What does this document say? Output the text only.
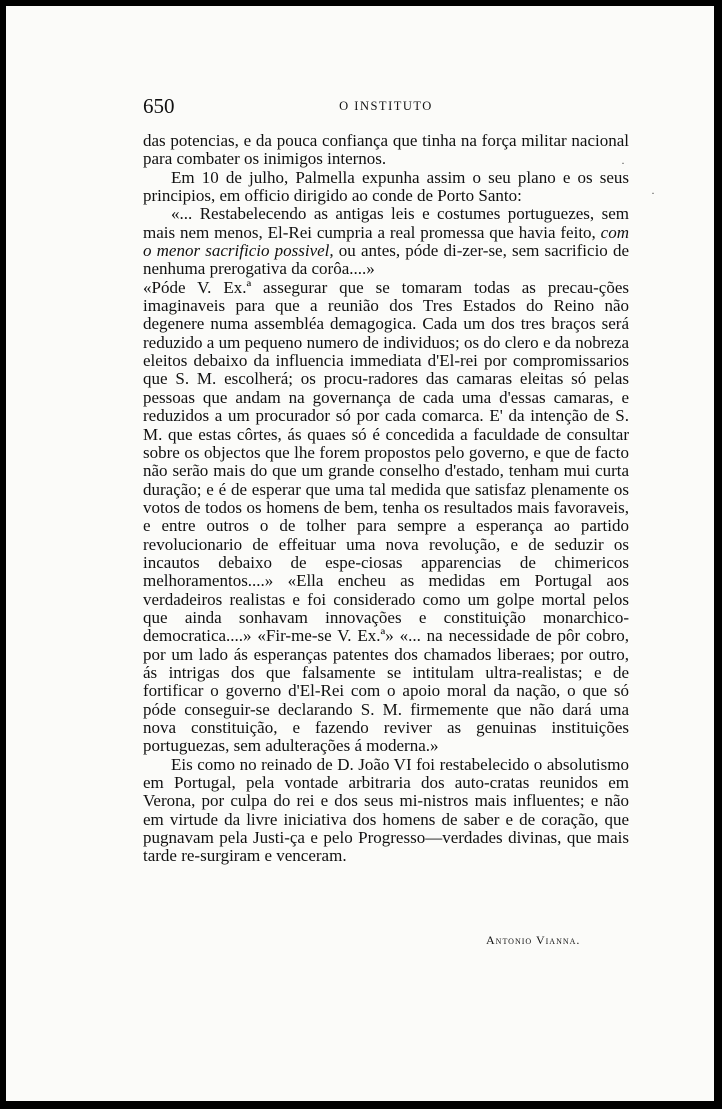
650	O INSTITUTO

das potencias, e da pouca confiança que tinha na força militar nacional para combater os inimigos internos.

Em 10 de julho, Palmella expunha assim o seu plano e os seus principios, em officio dirigido ao conde de Porto Santo:

«... Restabelecendo as antigas leis e costumes portuguezes, sem mais nem menos, El-Rei cumpria a real promessa que havia feito, com o menor sacrificio possivel, ou antes, póde di-zer-se, sem sacrificio de nenhuma prerogativa da corôa....»

«Póde V. Ex.ª assegurar que se tomaram todas as precau-ções imaginaveis para que a reunião dos Tres Estados do Reino não degenere numa assembléa demagogica. Cada um dos tres braços será reduzido a um pequeno numero de individuos; os do clero e da nobreza eleitos debaixo da influencia immediata d'El-rei por compromissarios que S. M. escolherá; os procu-radores das camaras eleitas só pelas pessoas que andam na governança de cada uma d'essas camaras, e reduzidos a um procurador só por cada comarca. E' da intenção de S. M. que estas côrtes, ás quaes só é concedida a faculdade de consultar sobre os objectos que lhe forem propostos pelo governo, e que de facto não serão mais do que um grande conselho d'estado, tenham mui curta duração; e é de esperar que uma tal medida que satisfaz plenamente os votos de todos os homens de bem, tenha os resultados mais favoraveis, e entre outros o de tolher para sempre a esperança ao partido revolucionario de effeituar uma nova revolução, e de seduzir os incautos debaixo de espe-ciosas apparencias de chimericos melhoramentos....» «Ella encheu as medidas em Portugal aos verdadeiros realistas e foi considerado como um golpe mortal pelos que ainda sonhavam innovações e constituição monarchico-democratica....» «Fir-me-se V. Ex.ª» «... na necessidade de pôr cobro, por um lado ás esperanças patentes dos chamados liberaes; por outro, ás intrigas dos que falsamente se intitulam ultra-realistas; e de fortificar o governo d'El-Rei com o apoio moral da nação, o que só póde conseguir-se declarando S. M. firmemente que não dará uma nova constituição, e fazendo reviver as genuinas instituições portuguezas, sem adulterações á moderna.»

Eis como no reinado de D. João VI foi restabelecido o absolutismo em Portugal, pela vontade arbitraria dos auto-cratas reunidos em Verona, por culpa do rei e dos seus mi-nistros mais influentes; e não em virtude da livre iniciativa dos homens de saber e de coração, que pugnavam pela Justi-ça e pelo Progresso—verdades divinas, que mais tarde re-surgiram e venceram.

Antonio Vianna.
·
·
